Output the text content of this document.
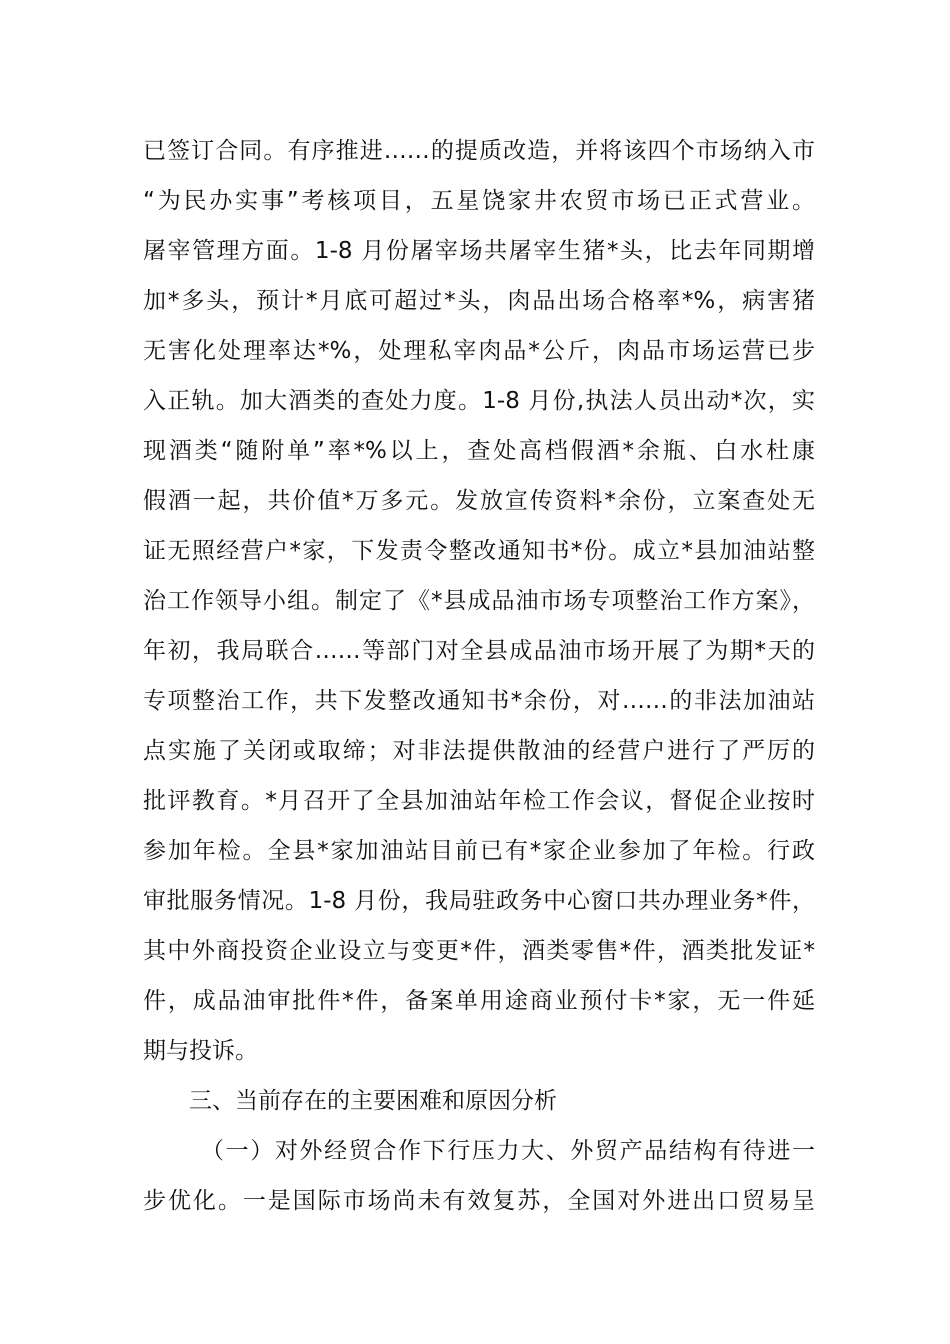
已签订合同。有序推进……的提质改造，并将该四个市场纳入市
“为民办实事”考核项目，五星饶家井农贸市场已正式营业。
屠宰管理方面。1-8 月份屠宰场共屠宰生猪*头，比去年同期增
加*多头，预计*月底可超过*头，肉品出场合格率*%，病害猪
无害化处理率达*%，处理私宰肉品*公斤，肉品市场运营已步
入正轨。加大酒类的查处力度。1-8 月份,执法人员出动*次，实
现酒类“随附单”率*%以上，查处高档假酒*余瓶、白水杜康
假酒一起，共价值*万多元。发放宣传资料*余份，立案查处无
证无照经营户*家，下发责令整改通知书*份。成立*县加油站整
治工作领导小组。制定了《*县成品油市场专项整治工作方案》，
年初，我局联合……等部门对全县成品油市场开展了为期*天的
专项整治工作，共下发整改通知书*余份，对……的非法加油站
点实施了关闭或取缔；对非法提供散油的经营户进行了严厉的
批评教育。*月召开了全县加油站年检工作会议，督促企业按时
参加年检。全县*家加油站目前已有*家企业参加了年检。行政
审批服务情况。1-8 月份，我局驻政务中心窗口共办理业务*件，
其中外商投资企业设立与变更*件，酒类零售*件，酒类批发证*
件，成品油审批件*件，备案单用途商业预付卡*家，无一件延
期与投诉。
三、当前存在的主要困难和原因分析
（一）对外经贸合作下行压力大、外贸产品结构有待进一
步优化。一是国际市场尚未有效复苏，全国对外进出口贸易呈
